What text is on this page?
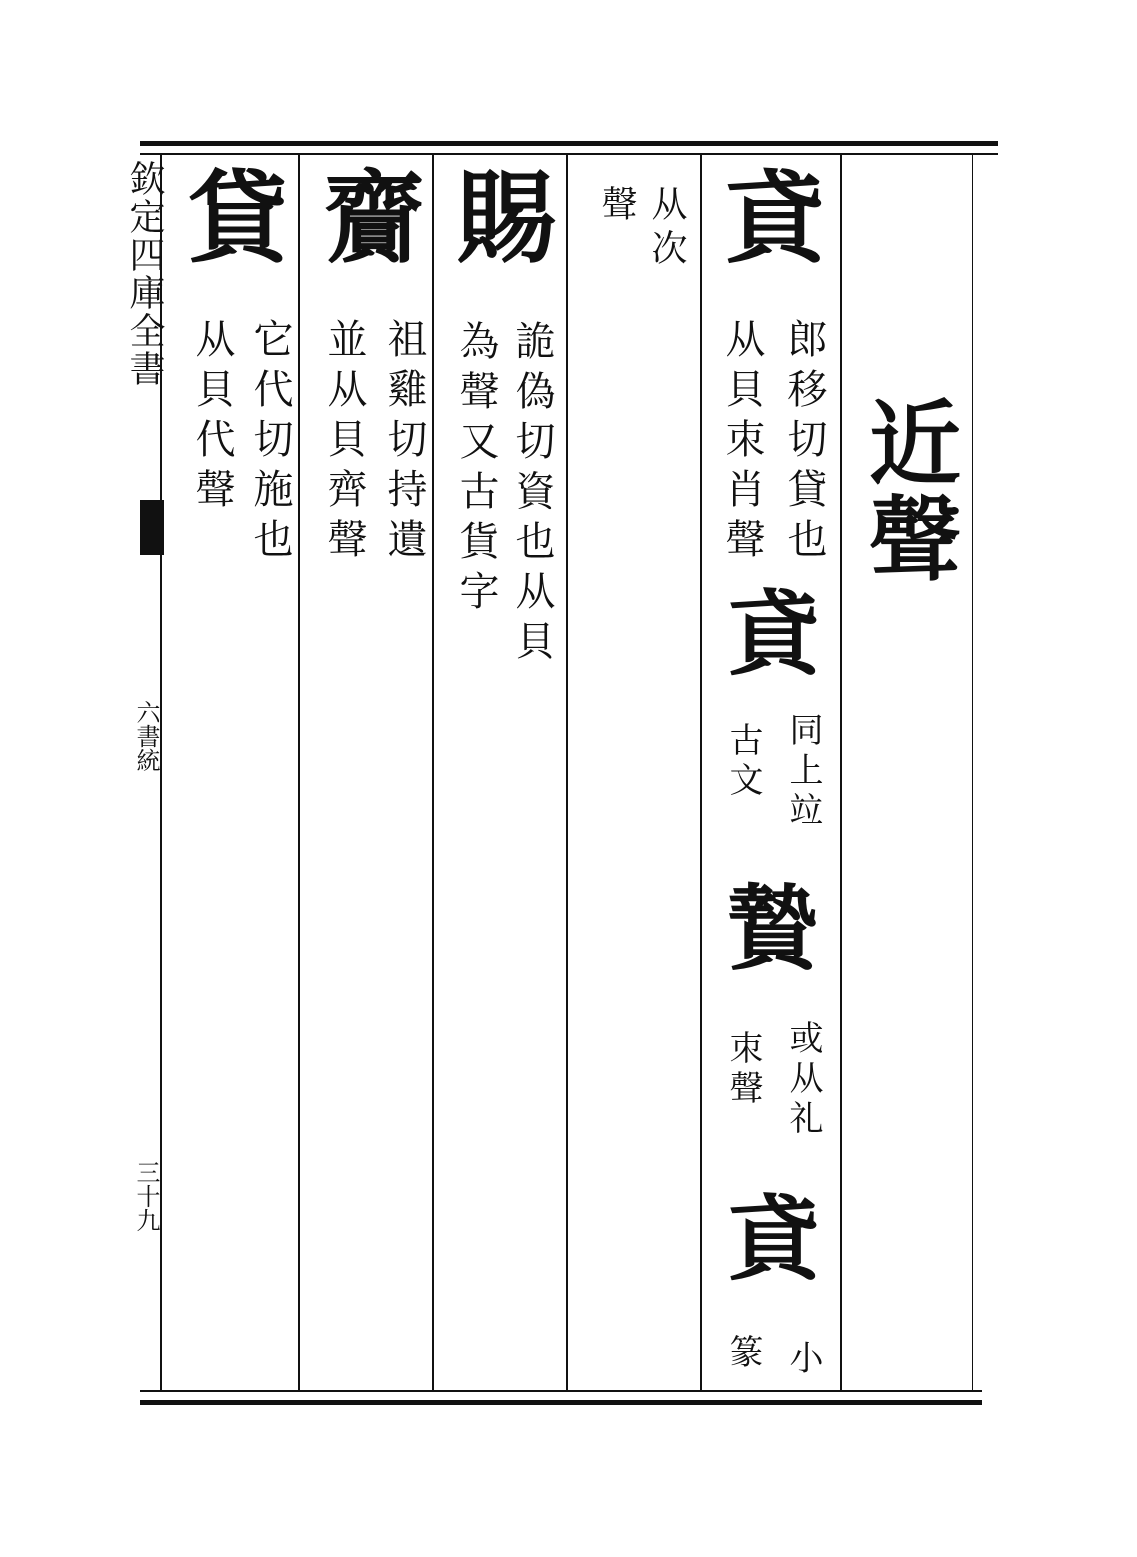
欽定四庫全書
六書統
三十九
近聲
貣
郎移切貸也
从貝朿肖聲
貣
同上竝
古文
贄
或从礼
朿聲
貣
小
篆
从次
聲
賜
詭偽切資也从貝
為聲又古貨字
齎
祖雞切持遺
並从貝齊聲
貸
它代切施也
从貝代聲
